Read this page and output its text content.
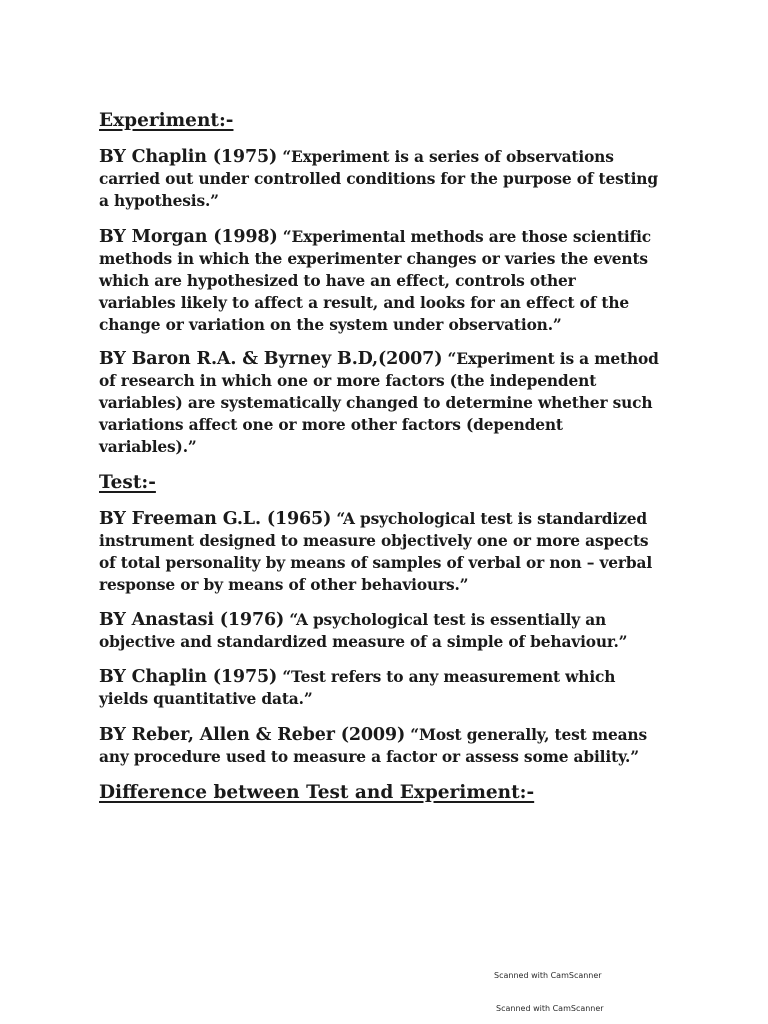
Experiment:-
BY Chaplin (1975) “Experiment is a series of observations
carried out under controlled conditions for the purpose of testing
a hypothesis.”
BY Morgan (1998) “Experimental methods are those scientific
methods in which the experimenter changes or varies the events
which are hypothesized to have an effect, controls other
variables likely to affect a result, and looks for an effect of the
change or variation on the system under observation.”
BY Baron R.A. & Byrney B.D,(2007) “Experiment is a method
of research in which one or more factors (the independent
variables) are systematically changed to determine whether such
variations affect one or more other factors (dependent
variables).”
Test:-
BY Freeman G.L. (1965) “A psychological test is standardized
instrument designed to measure objectively one or more aspects
of total personality by means of samples of verbal or non – verbal
response or by means of other behaviours.”
BY Anastasi (1976) “A psychological test is essentially an
objective and standardized measure of a simple of behaviour.”
BY Chaplin (1975) “Test refers to any measurement which
yields quantitative data.”
BY Reber, Allen & Reber (2009) “Most generally, test means
any procedure used to measure a factor or assess some ability.”
Difference between Test and Experiment:-
Scanned with CamScanner
Scanned with CamScanner
